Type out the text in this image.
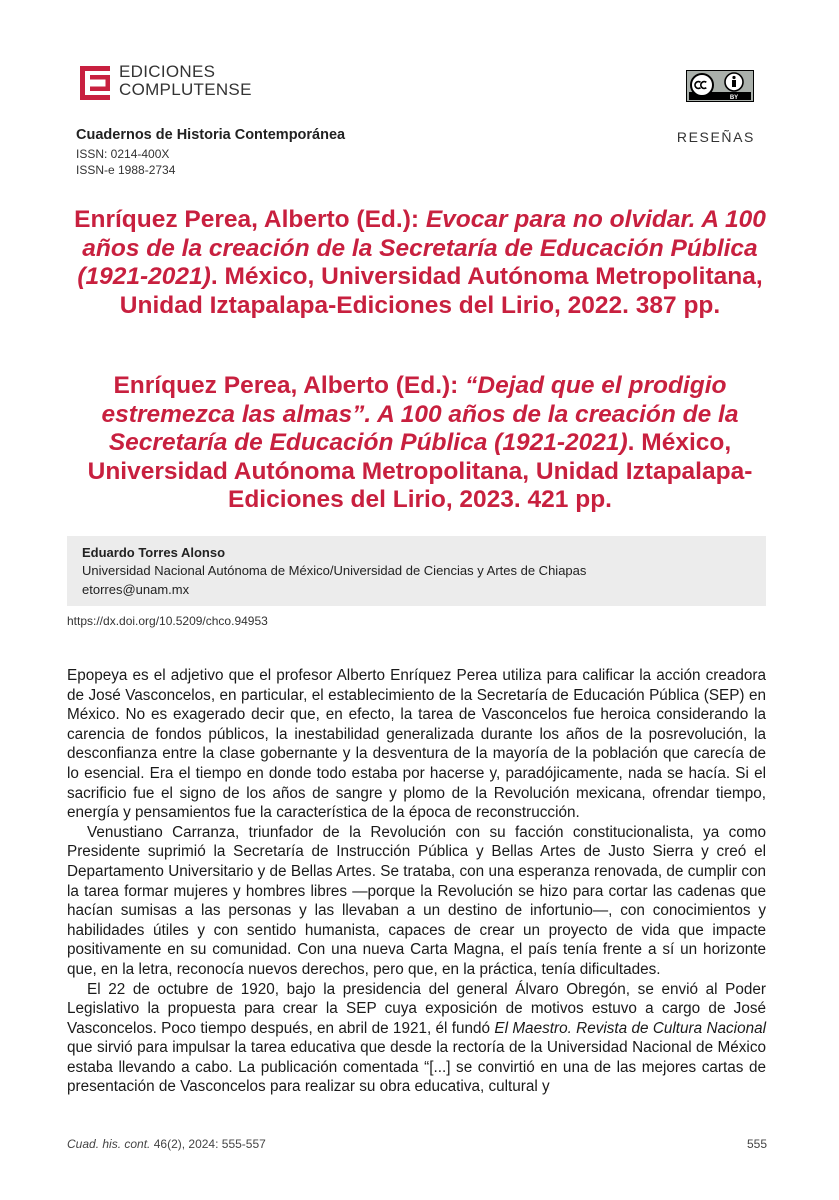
EDICIONES
COMPLUTENSE	BY
Cuadernos de Historia Contemporánea
ISSN: 0214-400X
ISSN-e 1988-2734
RESEÑAS
Enríquez Perea, Alberto (Ed.): Evocar para no olvidar. A 100 años de la creación de la Secretaría de Educación Pública (1921-2021). México, Universidad Autónoma Metropolitana, Unidad Iztapalapa-Ediciones del Lirio, 2022. 387 pp.
Enríquez Perea, Alberto (Ed.): “Dejad que el prodigio estremezca las almas”. A 100 años de la creación de la Secretaría de Educación Pública (1921-2021). México, Universidad Autónoma Metropolitana, Unidad Iztapalapa-Ediciones del Lirio, 2023. 421 pp.
Eduardo Torres Alonso
Universidad Nacional Autónoma de México/Universidad de Ciencias y Artes de Chiapas
etorres@unam.mx
https://dx.doi.org/10.5209/chco.94953

Epopeya es el adjetivo que el profesor Alberto Enríquez Perea utiliza para calificar la acción creadora de José Vasconcelos, en particular, el establecimiento de la Secretaría de Educación Pública (SEP) en México. No es exagerado decir que, en efecto, la tarea de Vasconcelos fue heroica considerando la carencia de fondos públicos, la inestabilidad generalizada durante los años de la posrevolución, la desconfianza entre la clase gobernante y la desventura de la mayoría de la población que carecía de lo esencial. Era el tiempo en donde todo estaba por hacerse y, paradójicamente, nada se hacía. Si el sacrificio fue el signo de los años de sangre y plomo de la Revolución mexicana, ofrendar tiempo, energía y pensamientos fue la característica de la época de reconstrucción.

Venustiano Carranza, triunfador de la Revolución con su facción constitucionalista, ya como Presidente suprimió la Secretaría de Instrucción Pública y Bellas Artes de Justo Sierra y creó el Departamento Universitario y de Bellas Artes. Se trataba, con una esperanza renovada, de cumplir con la tarea formar mujeres y hombres libres —porque la Revolución se hizo para cortar las cadenas que hacían sumisas a las personas y las llevaban a un destino de infortunio—, con conocimientos y habilidades útiles y con sentido humanista, capaces de crear un proyecto de vida que impacte positivamente en su comunidad. Con una nueva Carta Magna, el país tenía frente a sí un horizonte que, en la letra, reconocía nuevos derechos, pero que, en la práctica, tenía dificultades.

El 22 de octubre de 1920, bajo la presidencia del general Álvaro Obregón, se envió al Poder Legislativo la propuesta para crear la SEP cuya exposición de motivos estuvo a cargo de José Vasconcelos. Poco tiempo después, en abril de 1921, él fundó El Maestro. Revista de Cultura Nacional que sirvió para impulsar la tarea educativa que desde la rectoría de la Universidad Nacional de México estaba llevando a cabo. La publicación comentada “[...] se convirtió en una de las mejores cartas de presentación de Vasconcelos para realizar su obra educativa, cultural y

Cuad. his. cont. 46(2), 2024: 555-557	555
